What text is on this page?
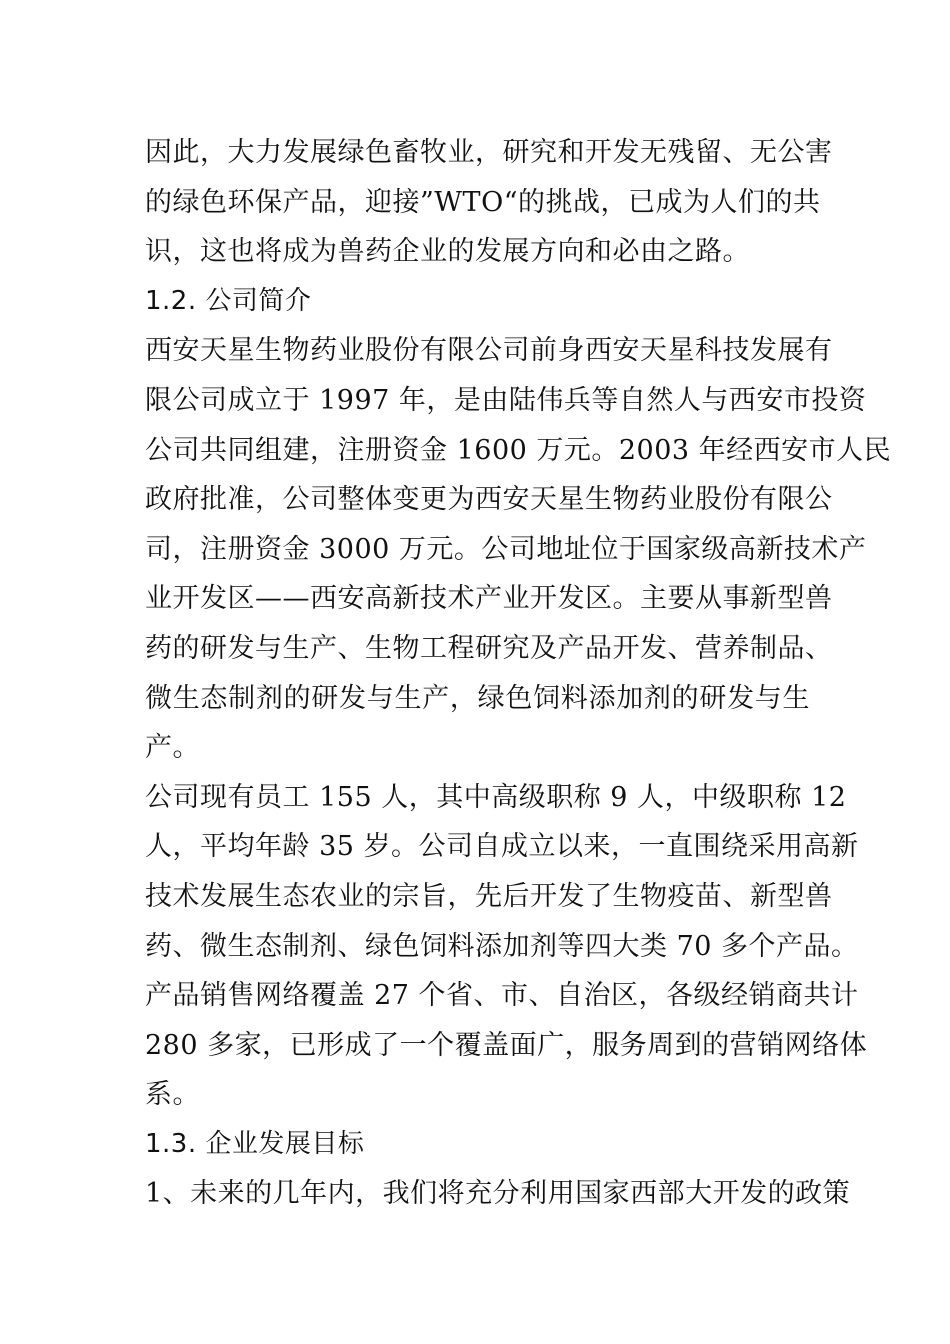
因此，大力发展绿色畜牧业，研究和开发无残留、无公害
的绿色环保产品，迎接”WTO“的挑战，已成为人们的共
识，这也将成为兽药企业的发展方向和必由之路。
1.2. 公司简介
西安天星生物药业股份有限公司前身西安天星科技发展有
限公司成立于 1997 年，是由陆伟兵等自然人与西安市投资
公司共同组建，注册资金 1600 万元。2003 年经西安市人民
政府批准，公司整体变更为西安天星生物药业股份有限公
司，注册资金 3000 万元。公司地址位于国家级高新技术产
业开发区——西安高新技术产业开发区。主要从事新型兽
药的研发与生产、生物工程研究及产品开发、营养制品、
微生态制剂的研发与生产，绿色饲料添加剂的研发与生
产。
公司现有员工 155 人，其中高级职称 9 人，中级职称 12
人，平均年龄 35 岁。公司自成立以来，一直围绕采用高新
技术发展生态农业的宗旨，先后开发了生物疫苗、新型兽
药、微生态制剂、绿色饲料添加剂等四大类 70 多个产品。
产品销售网络覆盖 27 个省、市、自治区，各级经销商共计
280 多家，已形成了一个覆盖面广，服务周到的营销网络体
系。
1.3. 企业发展目标
1、未来的几年内，我们将充分利用国家西部大开发的政策
